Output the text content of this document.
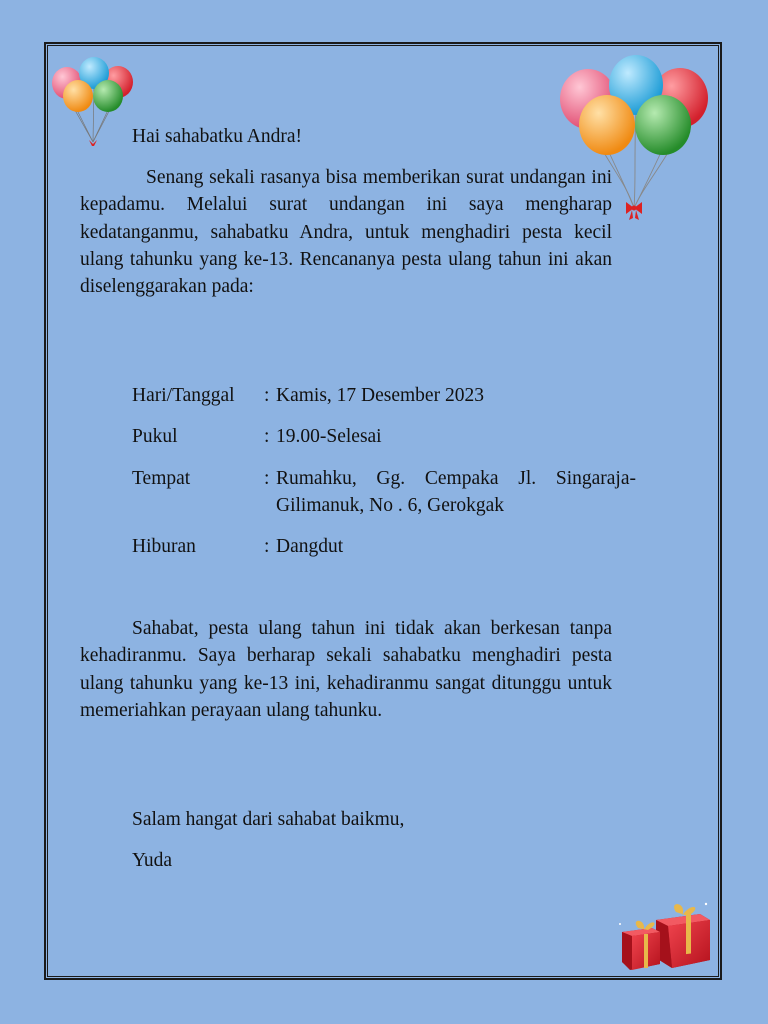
Hai sahabatku Andra!

Senang sekali rasanya bisa memberikan surat undangan ini kepadamu. Melalui surat undangan ini saya mengharap kedatanganmu, sahabatku Andra, untuk menghadiri pesta kecil ulang tahunku yang ke-13. Rencananya pesta ulang tahun ini akan diselenggarakan pada:

Hari/Tanggal	: Kamis, 17 Desember 2023
Pukul	: 19.00-Selesai
Tempat	: Rumahku, Gg. Cempaka Jl. Singaraja-Gilimanuk, No . 6, Gerokgak
Hiburan	: Dangdut

Sahabat, pesta ulang tahun ini tidak akan berkesan tanpa kehadiranmu. Saya berharap sekali sahabatku menghadiri pesta ulang tahunku yang ke-13 ini, kehadiranmu sangat ditunggu untuk memeriahkan perayaan ulang tahunku.

Salam hangat dari sahabat baikmu,

Yuda
